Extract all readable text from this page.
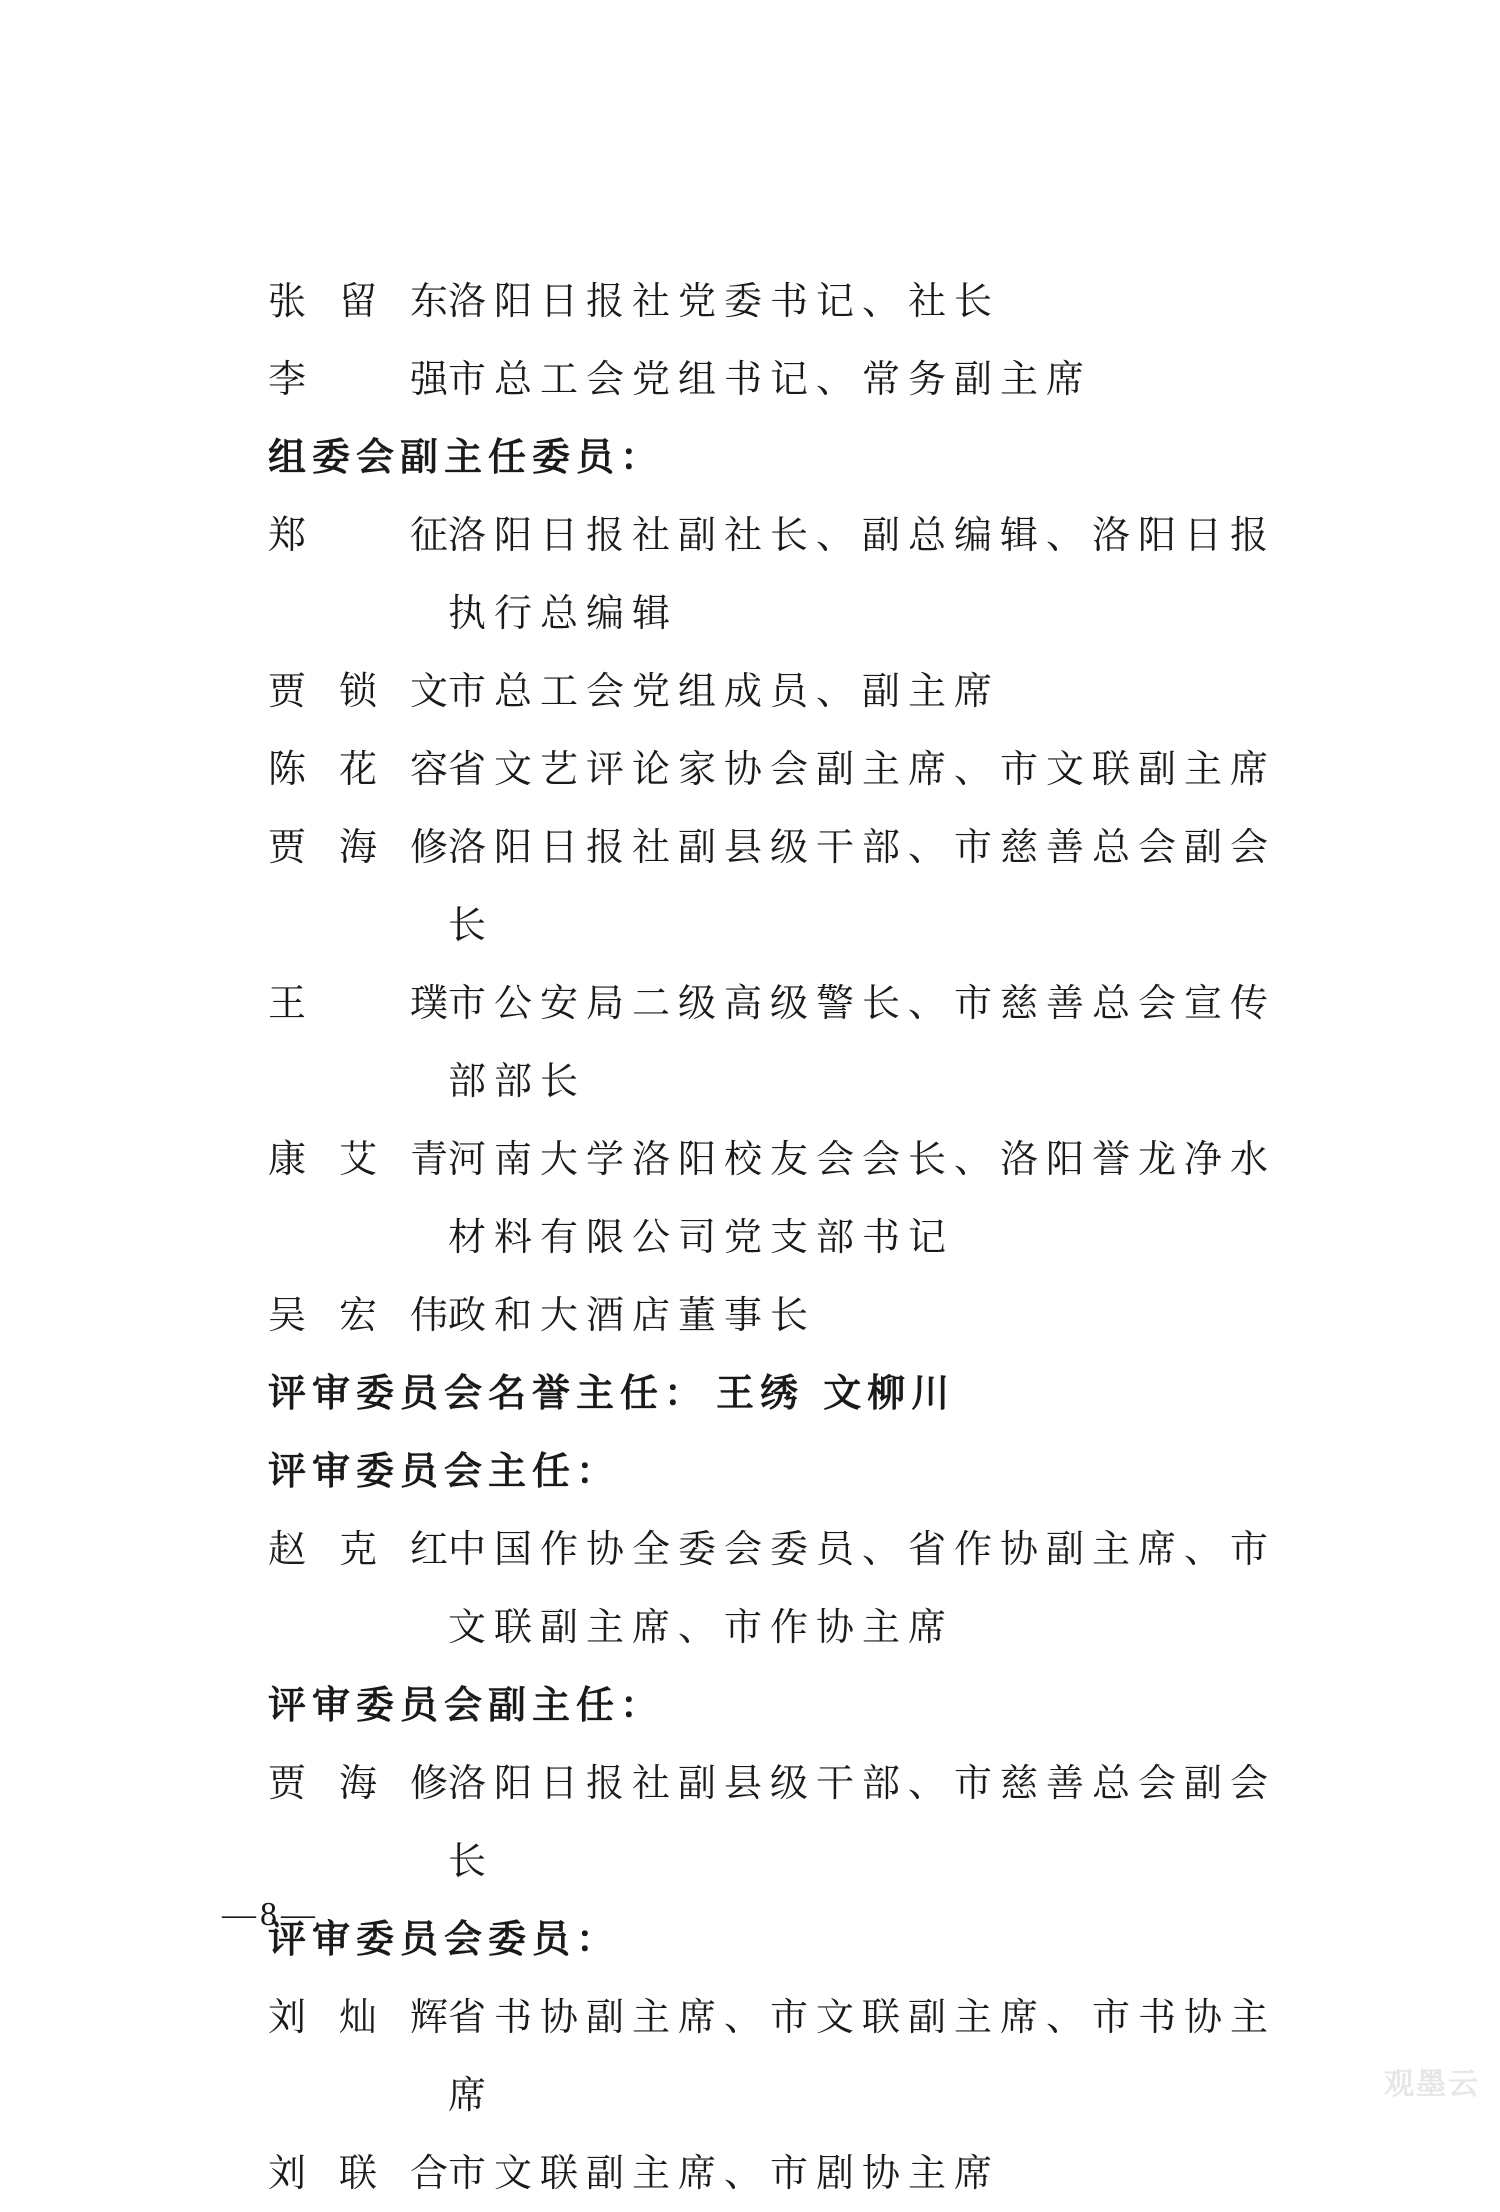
张 留 东 洛阳日报社党委书记、社长
李	强 市总工会党组书记、常务副主席
组委会副主任委员：
郑	征 洛阳日报社副社长、副总编辑、洛阳日报执行总编辑
贾 锁 文 市总工会党组成员、副主席
陈 花 容 省文艺评论家协会副主席、市文联副主席
贾 海 修 洛阳日报社副县级干部、市慈善总会副会长
王	璞 市公安局二级高级警长、市慈善总会宣传部部长
康 艾 青 河南大学洛阳校友会会长、洛阳誉龙净水材料有限公司党支部书记
吴 宏 伟 政和大酒店董事长
评审委员会名誉主任： 王绣 文柳川
评审委员会主任：
赵 克 红 中国作协全委会委员、省作协副主席、市文联副主席、市作协主席
评审委员会副主任：
贾 海 修 洛阳日报社副县级干部、市慈善总会副会长
评审委员会委员：
刘 灿 辉 省书协副主席、市文联副主席、市书协主席
刘 联 合 市文联副主席、市剧协主席
—8—
观墨云
